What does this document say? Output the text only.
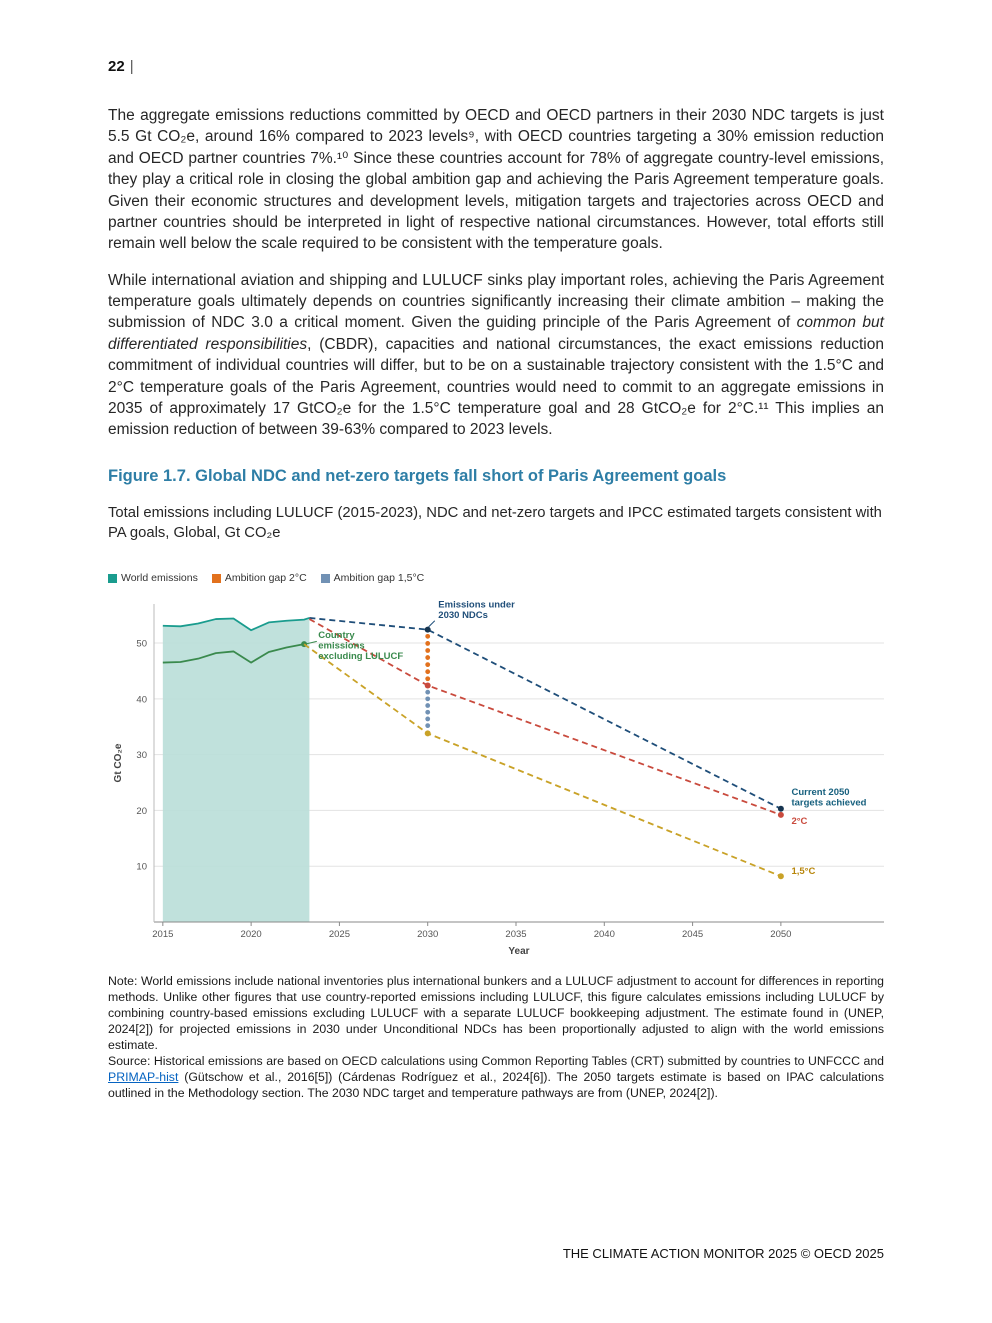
22 |

The aggregate emissions reductions committed by OECD and OECD partners in their 2030 NDC targets is just 5.5 Gt CO₂e, around 16% compared to 2023 levels⁹, with OECD countries targeting a 30% emission reduction and OECD partner countries 7%.¹⁰ Since these countries account for 78% of aggregate country-level emissions, they play a critical role in closing the global ambition gap and achieving the Paris Agreement temperature goals. Given their economic structures and development levels, mitigation targets and trajectories across OECD and partner countries should be interpreted in light of respective national circumstances. However, total efforts still remain well below the scale required to be consistent with the temperature goals.

While international aviation and shipping and LULUCF sinks play important roles, achieving the Paris Agreement temperature goals ultimately depends on countries significantly increasing their climate ambition – making the submission of NDC 3.0 a critical moment. Given the guiding principle of the Paris Agreement of common but differentiated responsibilities, (CBDR), capacities and national circumstances, the exact emissions reduction commitment of individual countries will differ, but to be on a sustainable trajectory consistent with the 1.5°C and 2°C temperature goals of the Paris Agreement, countries would need to commit to an aggregate emissions in 2035 of approximately 17 GtCO₂e for the 1.5°C temperature goal and 28 GtCO₂e for 2°C.¹¹ This implies an emission reduction of between 39-63% compared to 2023 levels.

Figure 1.7. Global NDC and net-zero targets fall short of Paris Agreement goals

Total emissions including LULUCF (2015-2023), NDC and net-zero targets and IPCC estimated targets consistent with PA goals, Global, Gt CO₂e

World emissions	Ambition gap 2°C	Ambition gap 1,5°C
10
20
30
40
50
2015	2020	2025	2030	2035	2040	2045	2050
Year
Gt CO₂e
Emissions under
2030 NDCs
Country
emissions
excluding LULUCF
Current 2050
targets achieved
2°C
1,5°C

Note: World emissions include national inventories plus international bunkers and a LULUCF adjustment to account for differences in reporting methods. Unlike other figures that use country-reported emissions including LULUCF, this figure calculates emissions including LULUCF by combining country-based emissions excluding LULUCF with a separate LULUCF bookkeeping adjustment. The estimate found in (UNEP, 2024[2]) for projected emissions in 2030 under Unconditional NDCs has been proportionally adjusted to align with the world emissions estimate.

Source: Historical emissions are based on OECD calculations using Common Reporting Tables (CRT) submitted by countries to UNFCCC and PRIMAP-hist (Gütschow et al., 2016[5]) (Cárdenas Rodríguez et al., 2024[6]). The 2050 targets estimate is based on IPAC calculations outlined in the Methodology section. The 2030 NDC target and temperature pathways are from (UNEP, 2024[2]).

THE CLIMATE ACTION MONITOR 2025 © OECD 2025
